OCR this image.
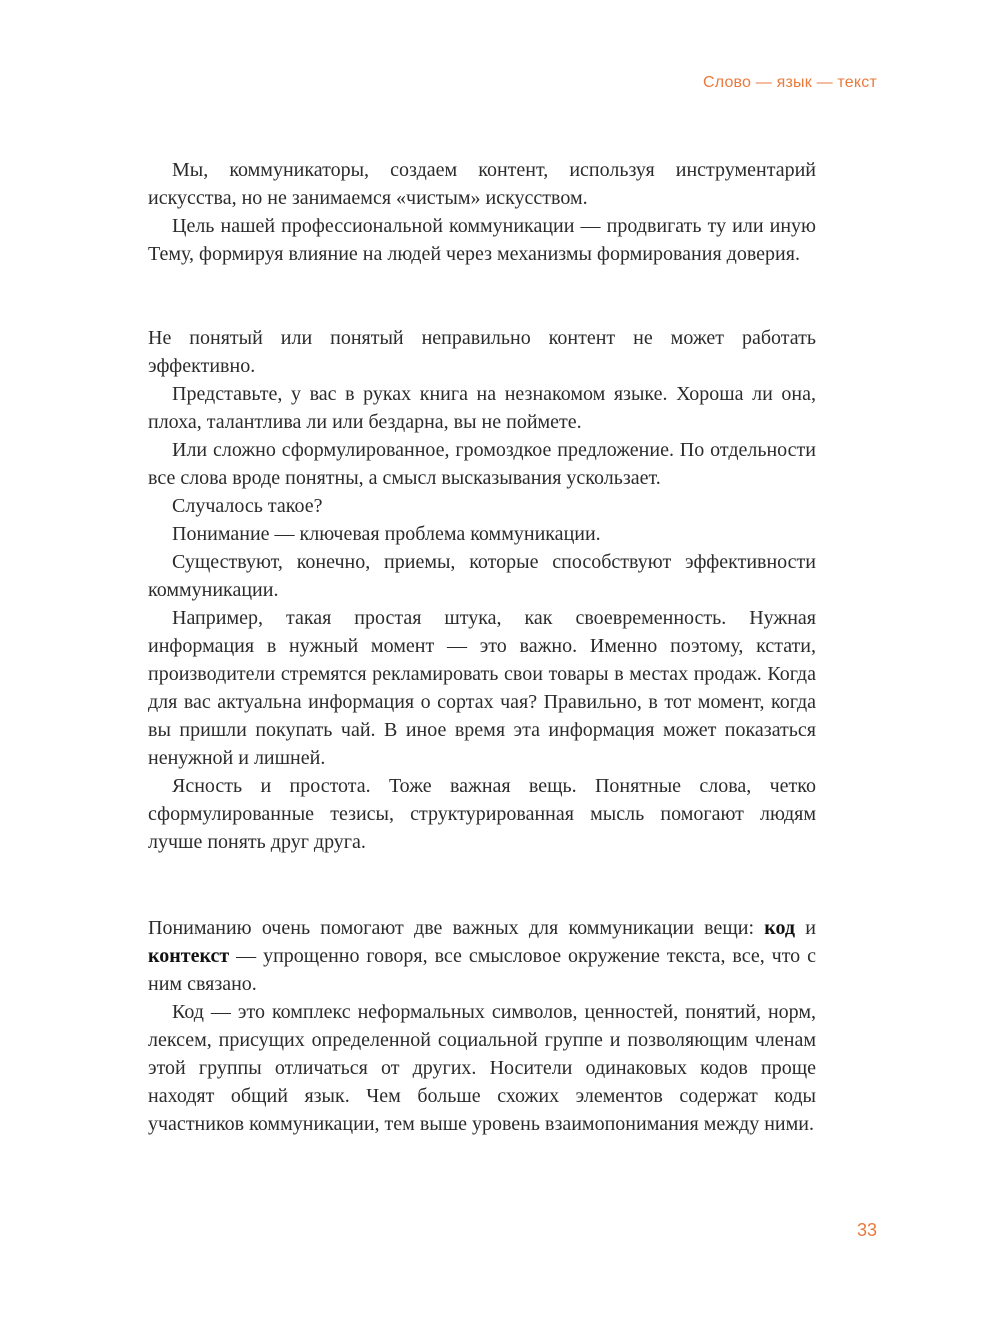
Слово — язык — текст

Мы, коммуникаторы, создаем контент, используя инструментарий искусства, но не занимаемся «чистым» искусством.

Цель нашей профессиональной коммуникации — продвигать ту или иную Тему, формируя влияние на людей через механизмы формирования доверия.

Не понятый или понятый неправильно контент не может работать эффективно.

Представьте, у вас в руках книга на незнакомом языке. Хороша ли она, плоха, талантлива ли или бездарна, вы не поймете.

Или сложно сформулированное, громоздкое предложение. По отдельности все слова вроде понятны, а смысл высказывания ускользает.

Случалось такое?

Понимание — ключевая проблема коммуникации.

Существуют, конечно, приемы, которые способствуют эффективности коммуникации.

Например, такая простая штука, как своевременность. Нужная информация в нужный момент — это важно. Именно поэтому, кстати, производители стремятся рекламировать свои товары в местах продаж. Когда для вас актуальна информация о сортах чая? Правильно, в тот момент, когда вы пришли покупать чай. В иное время эта информация может показаться ненужной и лишней.

Ясность и простота. Тоже важная вещь. Понятные слова, четко сформулированные тезисы, структурированная мысль помогают людям лучше понять друг друга.

Пониманию очень помогают две важных для коммуникации вещи: код и контекст — упрощенно говоря, все смысловое окружение текста, все, что с ним связано.

Код — это комплекс неформальных символов, ценностей, понятий, норм, лексем, присущих определенной социальной группе и позволяющим членам этой группы отличаться от других. Носители одинаковых кодов проще находят общий язык. Чем больше схожих элементов содержат коды участников коммуникации, тем выше уровень взаимопонимания между ними.

33
